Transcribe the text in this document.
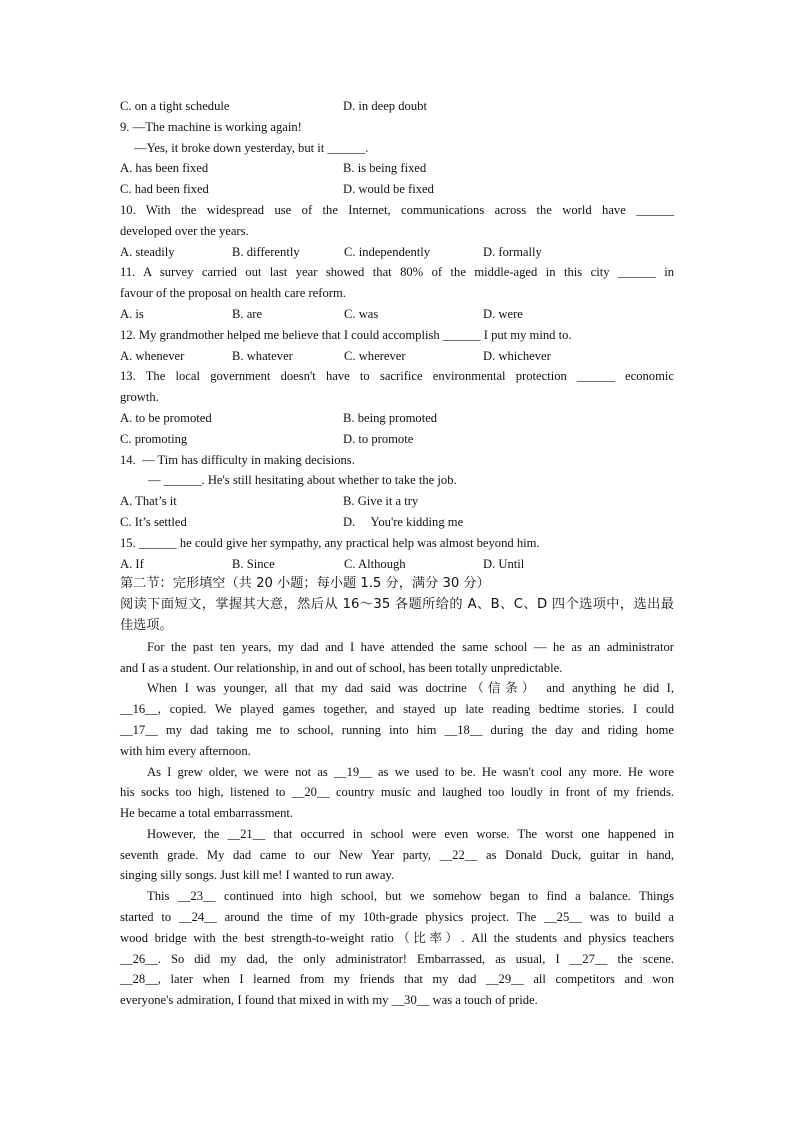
C. on a tight schedule	D. in deep doubt
9. —The machine is working again!
—Yes, it broke down yesterday, but it ______.
A. has been fixed	B. is being fixed
C. had been fixed	D. would be fixed
10. With the widespread use of the Internet, communications across the world have ______
developed over the years.
A. steadily	B. differently	C. independently	D. formally
11. A survey carried out last year showed that 80% of the middle-aged in this city ______ in
favour of the proposal on health care reform.
A. is	B. are	C. was	D. were
12. My grandmother helped me believe that I could accomplish ______ I put my mind to.
A. whenever	B. whatever	C. wherever	D. whichever
13. The local government doesn't have to sacrifice environmental protection ______ economic
growth.
A. to be promoted	B. being promoted
C. promoting	D. to promote
14.  — Tim has difficulty in making decisions.
— ______. He's still hesitating about whether to take the job.
A. That’s it	B. Give it a try
C. It’s settled	D.     You're kidding me
15. ______ he could give her sympathy, any practical help was almost beyond him.
A. If	B. Since	C. Although	D. Until
第二节：完形填空（共 20 小题；每小题 1.5 分，满分 30 分）
阅读下面短文，掌握其大意，然后从 16～35 各题所给的 A、B、C、D 四个选项中，选出最
佳选项。
For the past ten years, my dad and I have attended the same school — he as an administrator
and I as a student. Our relationship, in and out of school, has been totally unpredictable.
When I was younger, all that my dad said was doctrine（信条） and anything he did I,
__16__, copied. We played games together, and stayed up late reading bedtime stories. I could
__17__ my dad taking me to school, running into him __18__ during the day and riding home
with him every afternoon.
As I grew older, we were not as __19__ as we used to be. He wasn't cool any more. He wore
his socks too high, listened to __20__ country music and laughed too loudly in front of my friends.
He became a total embarrassment.
However, the __21__ that occurred in school were even worse. The worst one happened in
seventh grade. My dad came to our New Year party, __22__ as Donald Duck, guitar in hand,
singing silly songs. Just kill me! I wanted to run away.
This __23__ continued into high school, but we somehow began to find a balance. Things
started to __24__ around the time of my 10th-grade physics project. The __25__ was to build a
wood bridge with the best strength-to-weight ratio（比率）. All the students and physics teachers
__26__. So did my dad, the only administrator! Embarrassed, as usual, I __27__ the scene.
__28__, later when I learned from my friends that my dad __29__ all competitors and won
everyone's admiration, I found that mixed in with my __30__ was a touch of pride.
